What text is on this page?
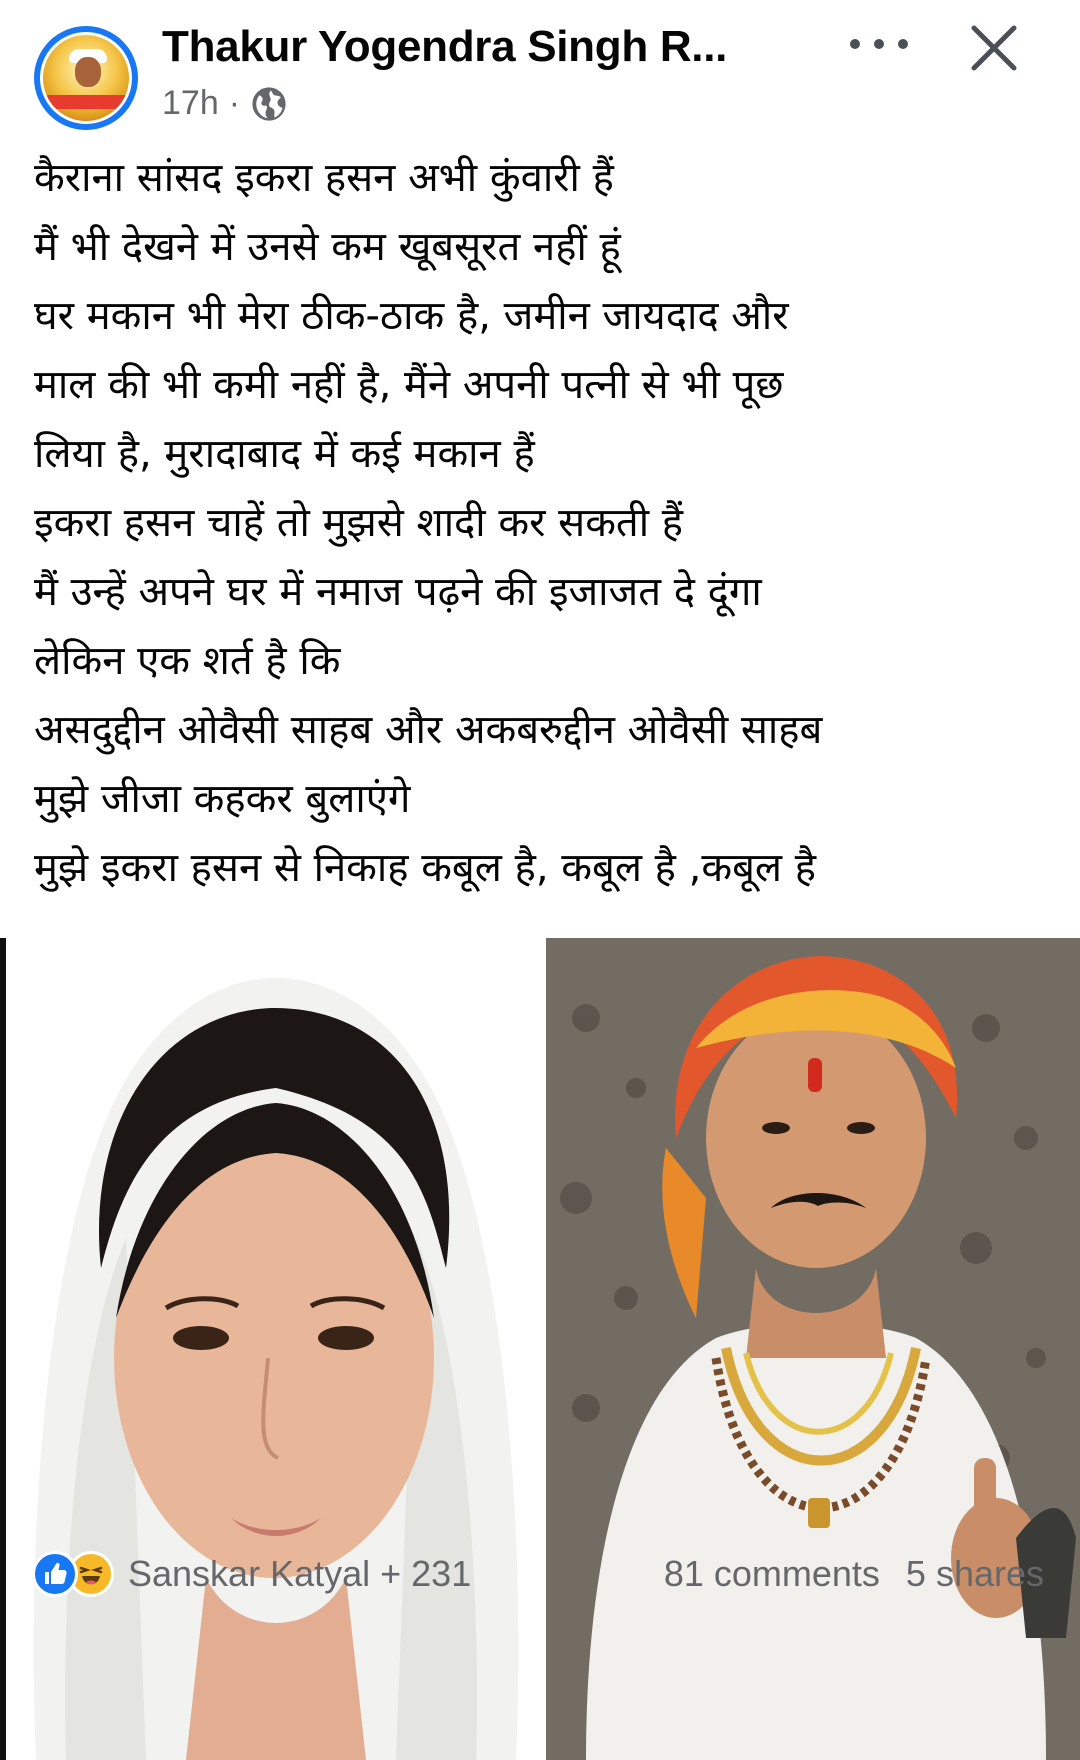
Thakur Yogendra Singh R...
17h ·
कैराना सांसद इकरा हसन अभी कुंवारी हैं
मैं भी देखने में उनसे कम खूबसूरत नहीं हूं
घर मकान भी मेरा ठीक-ठाक है, जमीन जायदाद और
माल की भी कमी नहीं है, मैंने अपनी पत्नी से भी पूछ
लिया है, मुरादाबाद में कई मकान हैं
इकरा हसन चाहें तो मुझसे शादी कर सकती हैं
मैं उन्हें अपने घर में नमाज पढ़ने की इजाजत दे दूंगा
लेकिन एक शर्त है कि
असदुद्दीन ओवैसी साहब और अकबरुद्दीन ओवैसी साहब
मुझे जीजा कहकर बुलाएंगे
मुझे इकरा हसन से निकाह कबूल है, कबूल है ,कबूल है
Sanskar Katyal + 231	81 comments 5 shares
